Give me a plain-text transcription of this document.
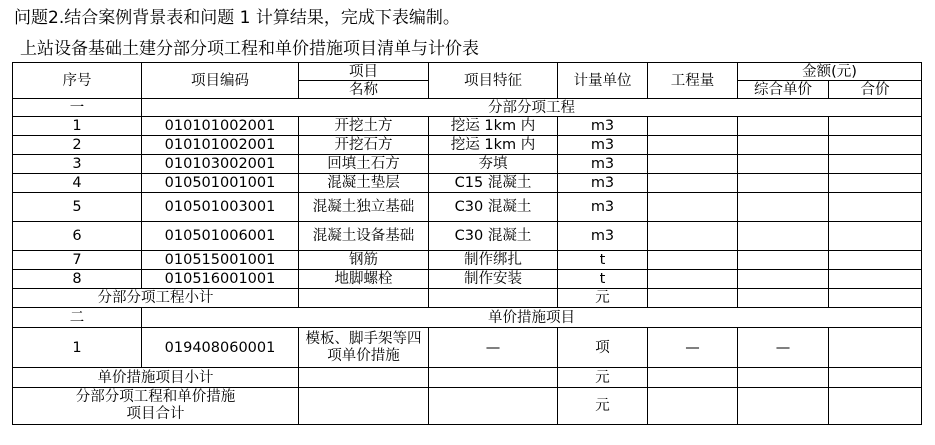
问题2.结合案例背景表和问题 1 计算结果，完成下表编制。
上站设备基础土建分部分项工程和单价措施项目清单与计价表
序号	项目编码	项目	项目特征	计量单位	工程量	金额(元)	
		名称				综合单价	合价
一	分部分项工程						
1	010101002001	开挖土方	挖运 1km 内	m3			
2	010101002001	开挖石方	挖运 1km 内	m3			
3	010103002001	回填土石方	夯填	m3			
4	010501001001	混凝土垫层	C15 混凝土	m3			
5	010501003001	混凝土独立基础	C30 混凝土	m3			
6	010501006001	混凝土设备基础	C30 混凝土	m3			
7	010515001001	钢筋	制作绑扎	t			
8	010516001001	地脚螺栓	制作安装	t			
分部分项工程小计				元			
二	单价措施项目						
1	019408060001	模板、脚手架等四项单价措施	—	项	—	—	
单价措施项目小计				元			

分部分项工程和单价措施项目合计				元			
